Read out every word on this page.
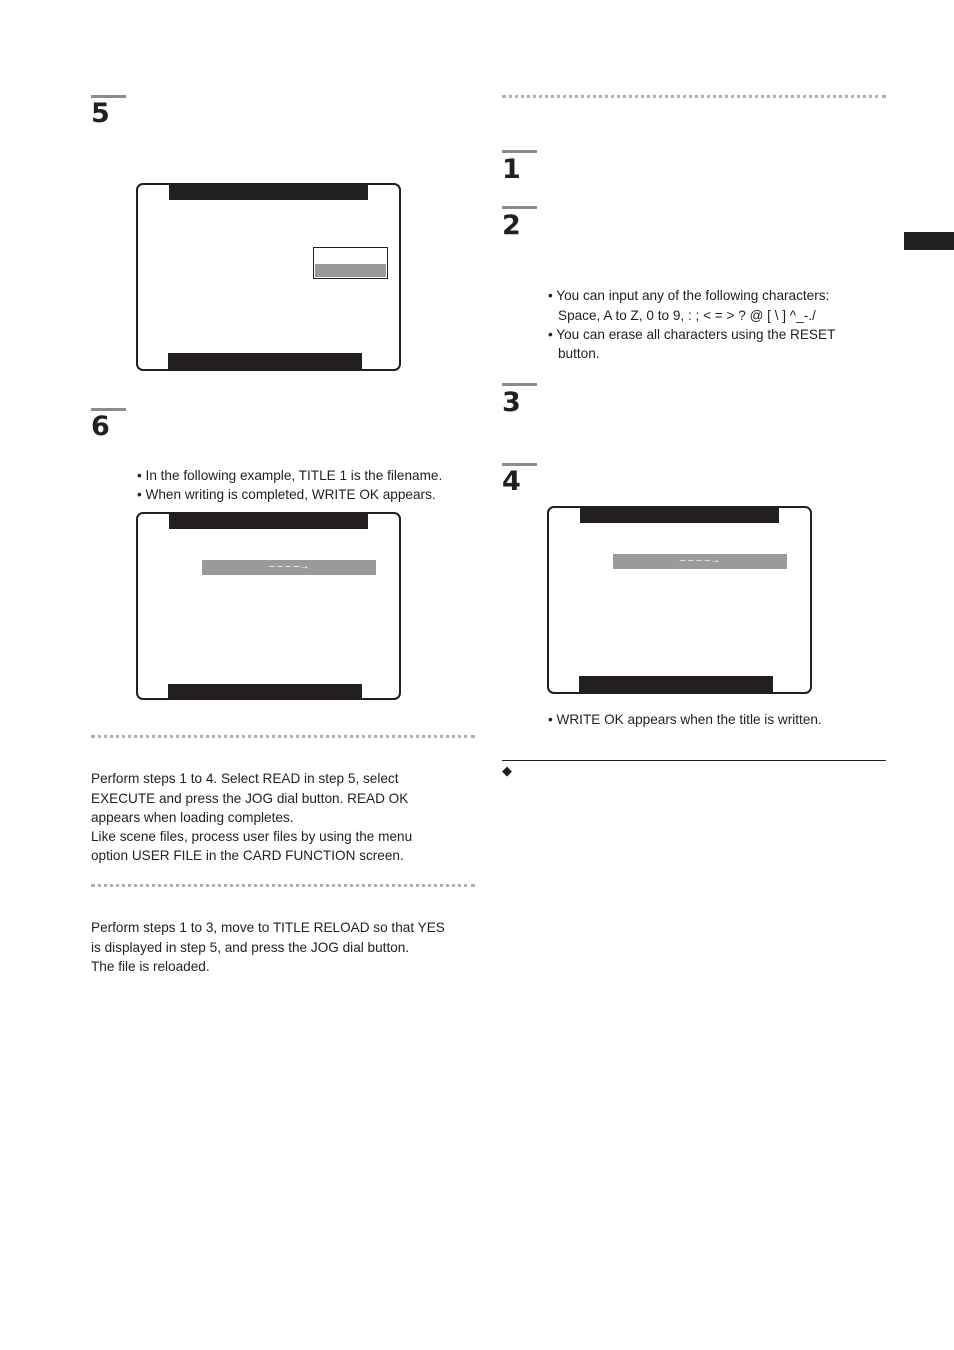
5
6
• In the following example, TITLE 1 is the filename.
• When writing is completed, WRITE OK appears.
– – – –→
Perform steps 1 to 4. Select READ in step 5, select
EXECUTE and press the JOG dial button. READ OK
appears when loading completes.
Like scene files, process user files by using the menu
option USER FILE in the CARD FUNCTION screen.
Perform steps 1 to 3, move to TITLE RELOAD so that YES
is displayed in step 5, and press the JOG dial button.
The file is reloaded.
1
2
• You can input any of the following characters:
Space, A to Z, 0 to 9, : ; < = > ? @ [ \ ] ^_-./
• You can erase all characters using the RESET
button.
3
4
– – – –→
• WRITE OK appears when the title is written.
◆
